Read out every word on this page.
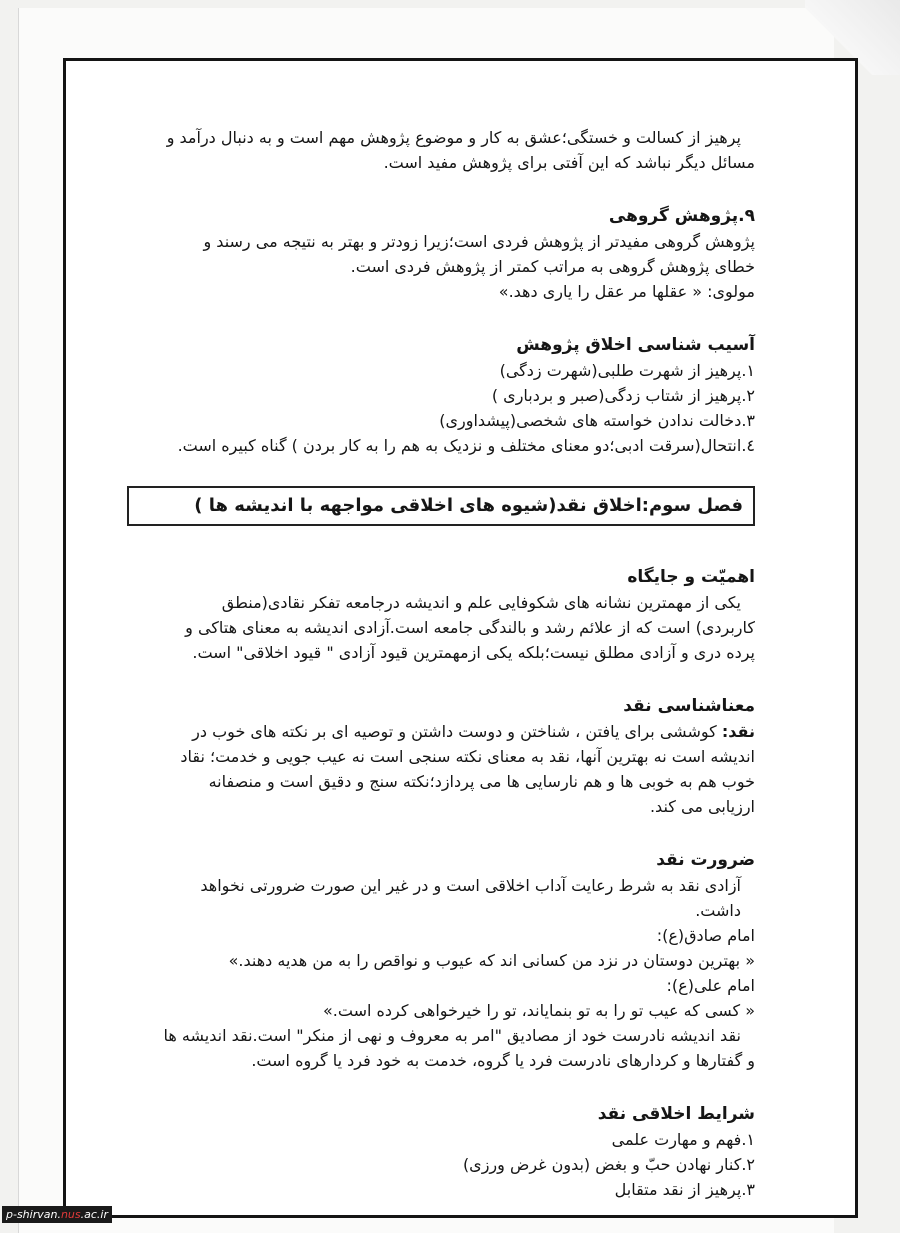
پرهیز از کسالت و خستگی؛عشق به کار و موضوع پژوهش مهم است و به دنبال درآمد و

مسائل دیگر نباشد که این آفتی برای پژوهش مفید است.

۹.پژوهش گروهی

پژوهش گروهی مفیدتر از پژوهش فردی است؛زیرا زودتر و بهتر به نتیجه می رسند و

خطای پژوهش گروهی به مراتب کمتر از پژوهش فردی است.

مولوی: « عقلها مر عقل را یاری دهد.»

آسیب شناسی اخلاق پژوهش

۱.پرهیز از شهرت طلبی(شهرت زدگی)

۲.پرهیز از شتاب زدگی(صبر و بردباری )

۳.دخالت ندادن خواسته های شخصی(پیشداوری)

٤.انتحال(سرقت ادبی؛دو معنای مختلف و نزدیک به هم را به کار بردن ) گناه کبیره است.

فصل سوم:اخلاق نقد(شیوه های اخلاقی مواجهه با اندیشه ها )

اهمیّت و جایگاه

یکی از مهمترین نشانه های شکوفایی علم و اندیشه درجامعه تفکر نقادی(منطق

کاربردی) است که از علائم رشد و بالندگی جامعه است.آزادی اندیشه به معنای هتاکی و

پرده دری و آزادی مطلق نیست؛بلکه یکی ازمهمترین قیود آزادی " قیود اخلاقی" است.

معناشناسی نقد

نقد: کوششی برای یافتن ، شناختن و دوست داشتن و توصیه ای بر نکته های خوب در

اندیشه است نه بهترین آنها، نقد به معنای نکته سنجی است نه عیب جویی و خدمت؛ نقاد

خوب هم به خوبی ها و هم نارسایی ها می پردازد؛نکته سنج و دقیق است و منصفانه

ارزیابی می کند.

ضرورت نقد

آزادی نقد به شرط رعایت آداب اخلاقی است و در غیر این صورت ضرورتی نخواهد

داشت.

امام صادق(ع):

« بهترین دوستان در نزد من کسانی اند که عیوب و نواقص را به من هدیه دهند.»

امام علی(ع):

« کسی که عیب تو را به تو بنمایاند، تو را خیرخواهی کرده است.»

نقد اندیشه نادرست خود از مصادیق "امر به معروف و نهی از منکر" است.نقد اندیشه ها

و گفتارها و کردارهای نادرست فرد یا گروه، خدمت به خود فرد یا گروه است.

شرایط اخلاقی نقد

۱.فهم و مهارت علمی

۲.کنار نهادن حبّ و بغض (بدون غرض ورزی)

۳.پرهیز از نقد متقابل

p-shirvan.nus.ac.ir
